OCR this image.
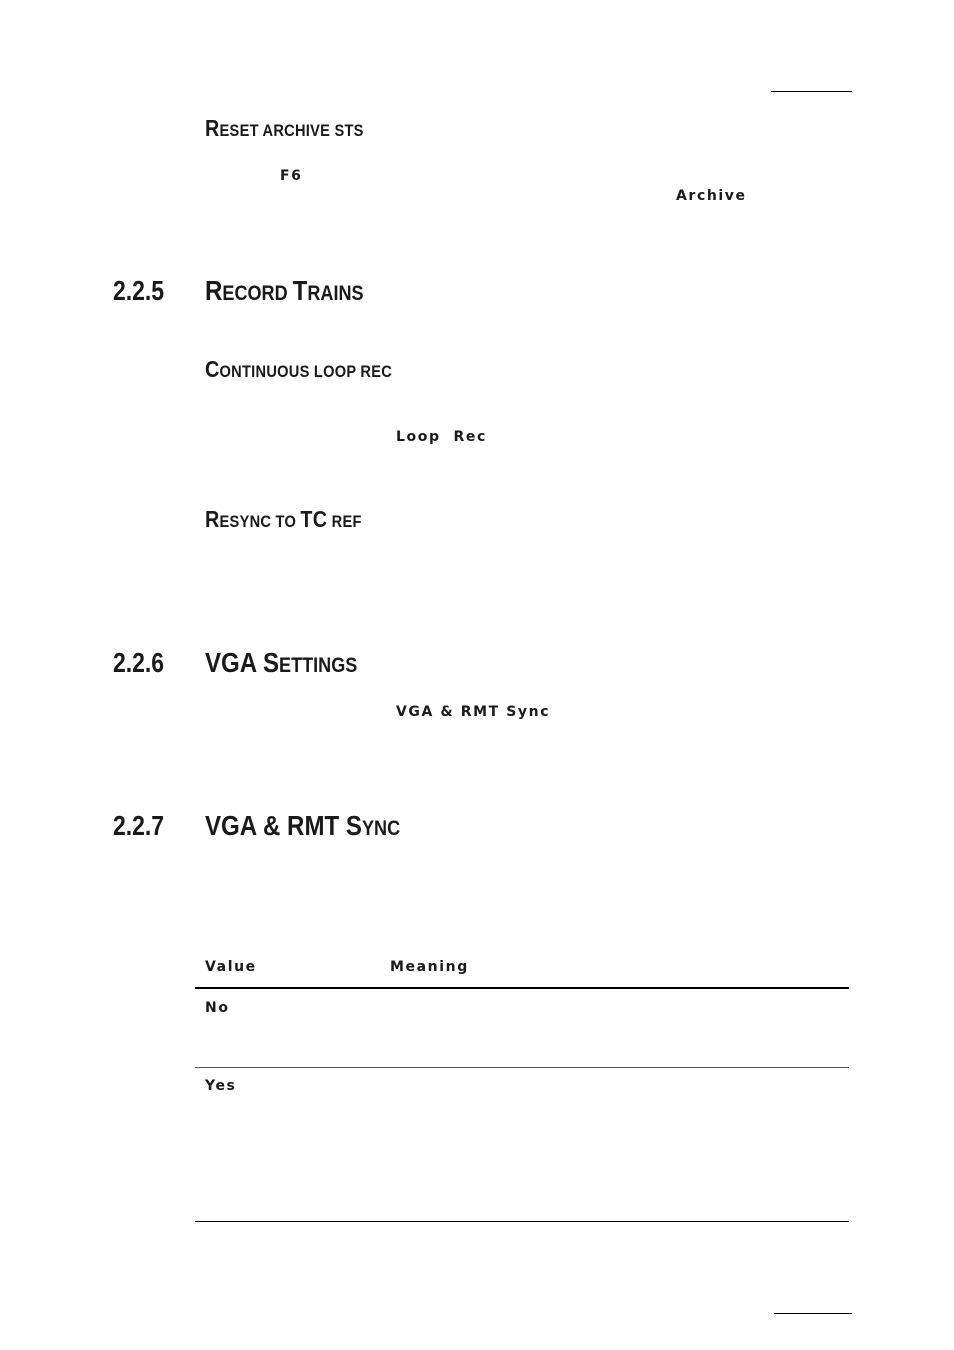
RESET ARCHIVE STS
F6
Archive
2.2.5 RECORD TRAINS
CONTINUOUS LOOP REC
Loop  Rec
RESYNC TO TC REF
2.2.6 VGA SETTINGS
VGA & RMT Sync
2.2.7 VGA & RMT SYNC
Value	Meaning
No
Yes
